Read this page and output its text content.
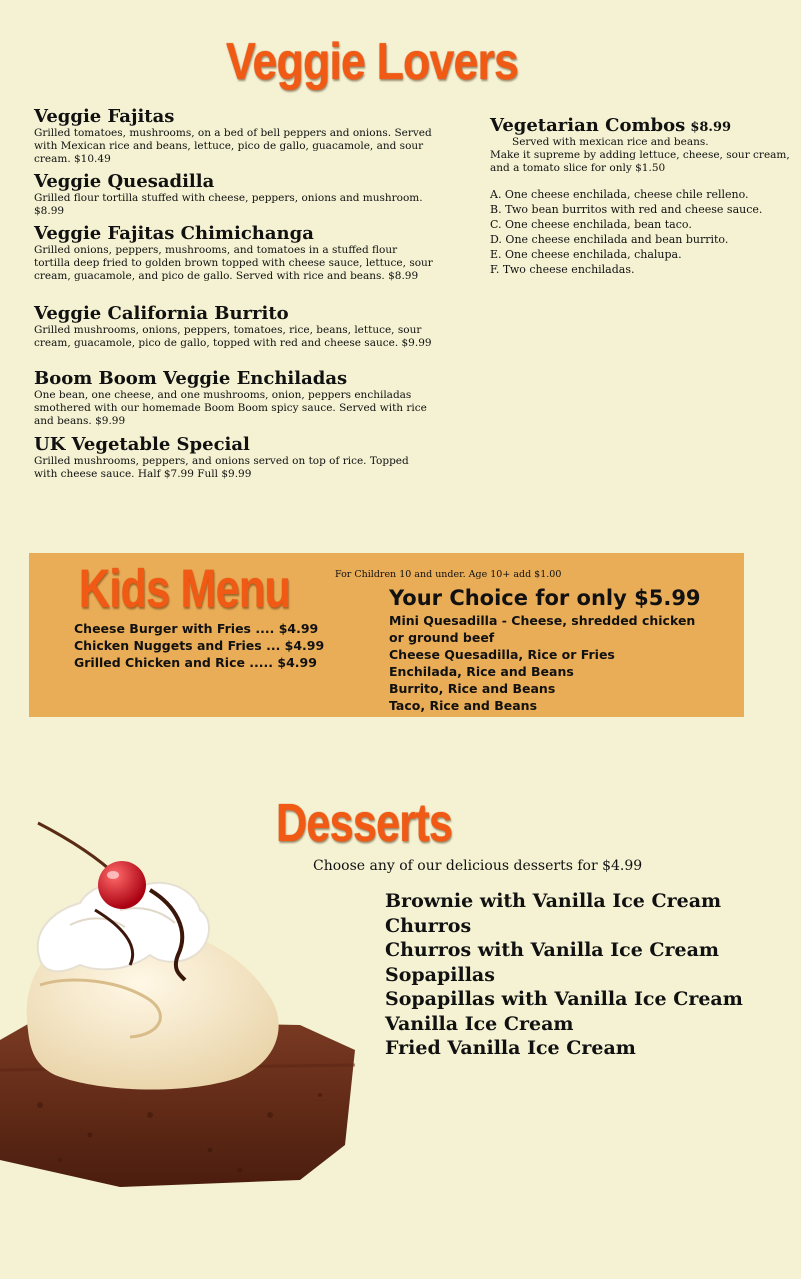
Veggie Lovers

Veggie Fajitas

Grilled tomatoes, mushrooms, on a bed of bell peppers and onions. Served with Mexican rice and beans, lettuce, pico de gallo, guacamole, and sour cream. $10.49

Veggie Quesadilla

Grilled flour tortilla stuffed with cheese, peppers, onions and mushroom. $8.99

Veggie Fajitas Chimichanga

Grilled onions, peppers, mushrooms, and tomatoes in a stuffed flour tortilla deep fried to golden brown topped with cheese sauce, lettuce, sour cream, guacamole, and pico de gallo. Served with rice and beans. $8.99

Veggie California Burrito

Grilled mushrooms, onions, peppers, tomatoes, rice, beans, lettuce, sour cream, guacamole, pico de gallo, topped with red and cheese sauce. $9.99

Boom Boom Veggie Enchiladas

One bean, one cheese, and one mushrooms, onion, peppers enchiladas smothered with our homemade Boom Boom spicy sauce. Served with rice and beans. $9.99

UK Vegetable Special

Grilled mushrooms, peppers, and onions served on top of rice. Topped with cheese sauce. Half $7.99 Full $9.99

Vegetarian Combos $8.99

Served with mexican rice and beans.

Make it supreme by adding lettuce, cheese, sour cream, and a tomato slice for only $1.50

A. One cheese enchilada, cheese chile relleno.
B. Two bean burritos with red and cheese sauce.
C. One cheese enchilada, bean taco.
D. One cheese enchilada and bean burrito.
E. One cheese enchilada, chalupa.
F. Two cheese enchiladas.
Kids Menu	For Children 10 and under. Age 10+ add $1.00
Cheese Burger with Fries .... $4.99
Chicken Nuggets and Fries ... $4.99
Grilled Chicken and Rice ..... $4.99
Your Choice for only $5.99
Mini Quesadilla - Cheese, shredded chicken or ground beef
Cheese Quesadilla, Rice or Fries
Enchilada, Rice and Beans
Burrito, Rice and Beans
Taco, Rice and Beans
Desserts
Choose any of our delicious desserts for $4.99
Brownie with Vanilla Ice Cream
Churros
Churros with Vanilla Ice Cream
Sopapillas
Sopapillas with Vanilla Ice Cream
Vanilla Ice Cream
Fried Vanilla Ice Cream
